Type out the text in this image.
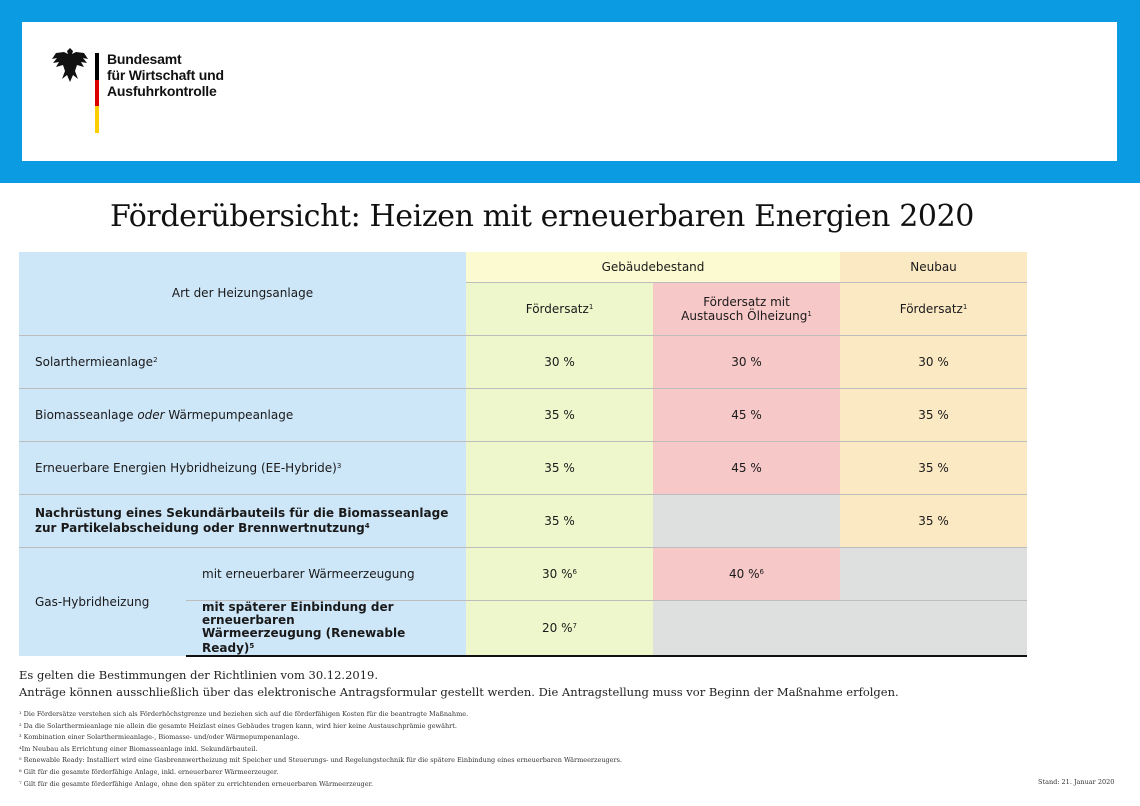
Bundesamt
für Wirtschaft und
Ausfuhrkontrolle
Förderübersicht: Heizen mit erneuerbaren Energien 2020
Art der Heizungsanlage		Gebäudebestand		Neubau
		Fördersatz$^1$	Fördersatz mit
Austausch Ölheizung$^1$	Fördersatz$^1$
Solarthermieanlage$^2$		30 %	30 %	30 %
Biomasseanlage oder Wärmepumpeanlage		35 %	45 %	35 %
Erneuerbare Energien Hybridheizung (EE-Hybride)$^3$		35 %	45 %	35 %
Nachrüstung eines Sekundärbauteils für die Biomasseanlage
zur Partikelabscheidung oder Brennwertnutzung$^4$		35 %		35 %
Gas-Hybridheizung	mit erneuerbarer Wärmeerzeugung	30 %$^6$	40 %$^6$	
	mit späterer Einbindung der erneuerbaren
Wärmeerzeugung (Renewable Ready)$^5$	20 %$^7$	
Es gelten die Bestimmungen der Richtlinien vom 30.12.2019.
Anträge können ausschließlich über das elektronische Antragsformular gestellt werden. Die Antragstellung muss vor Beginn der Maßnahme erfolgen.
¹ Die Fördersätze verstehen sich als Förderhöchstgrenze und beziehen sich auf die förderfähigen Kosten für die beantragte Maßnahme.
² Da die Solarthermieanlage nie allein die gesamte Heizlast eines Gebäudes tragen kann, wird hier keine Austauschprämie gewährt.
³ Kombination einer Solarthermieanlage-, Biomasse- und/oder Wärmepumpenanlage.
⁴Im Neubau als Errichtung einer Biomasseanlage inkl. Sekundärbauteil.
⁵ Renewable Ready: Installiert wird eine Gasbrennwertheizung mit Speicher und Steuerungs- und Regelungstechnik für die spätere Einbindung eines erneuerbaren Wärmeerzeugers.
⁶ Gilt für die gesamte förderfähige Anlage, inkl. erneuerbarer Wärmeerzeuger.
⁷ Gilt für die gesamte förderfähige Anlage, ohne den später zu errichtenden erneuerbaren Wärmeerzeuger.	Stand: 21. Januar 2020
